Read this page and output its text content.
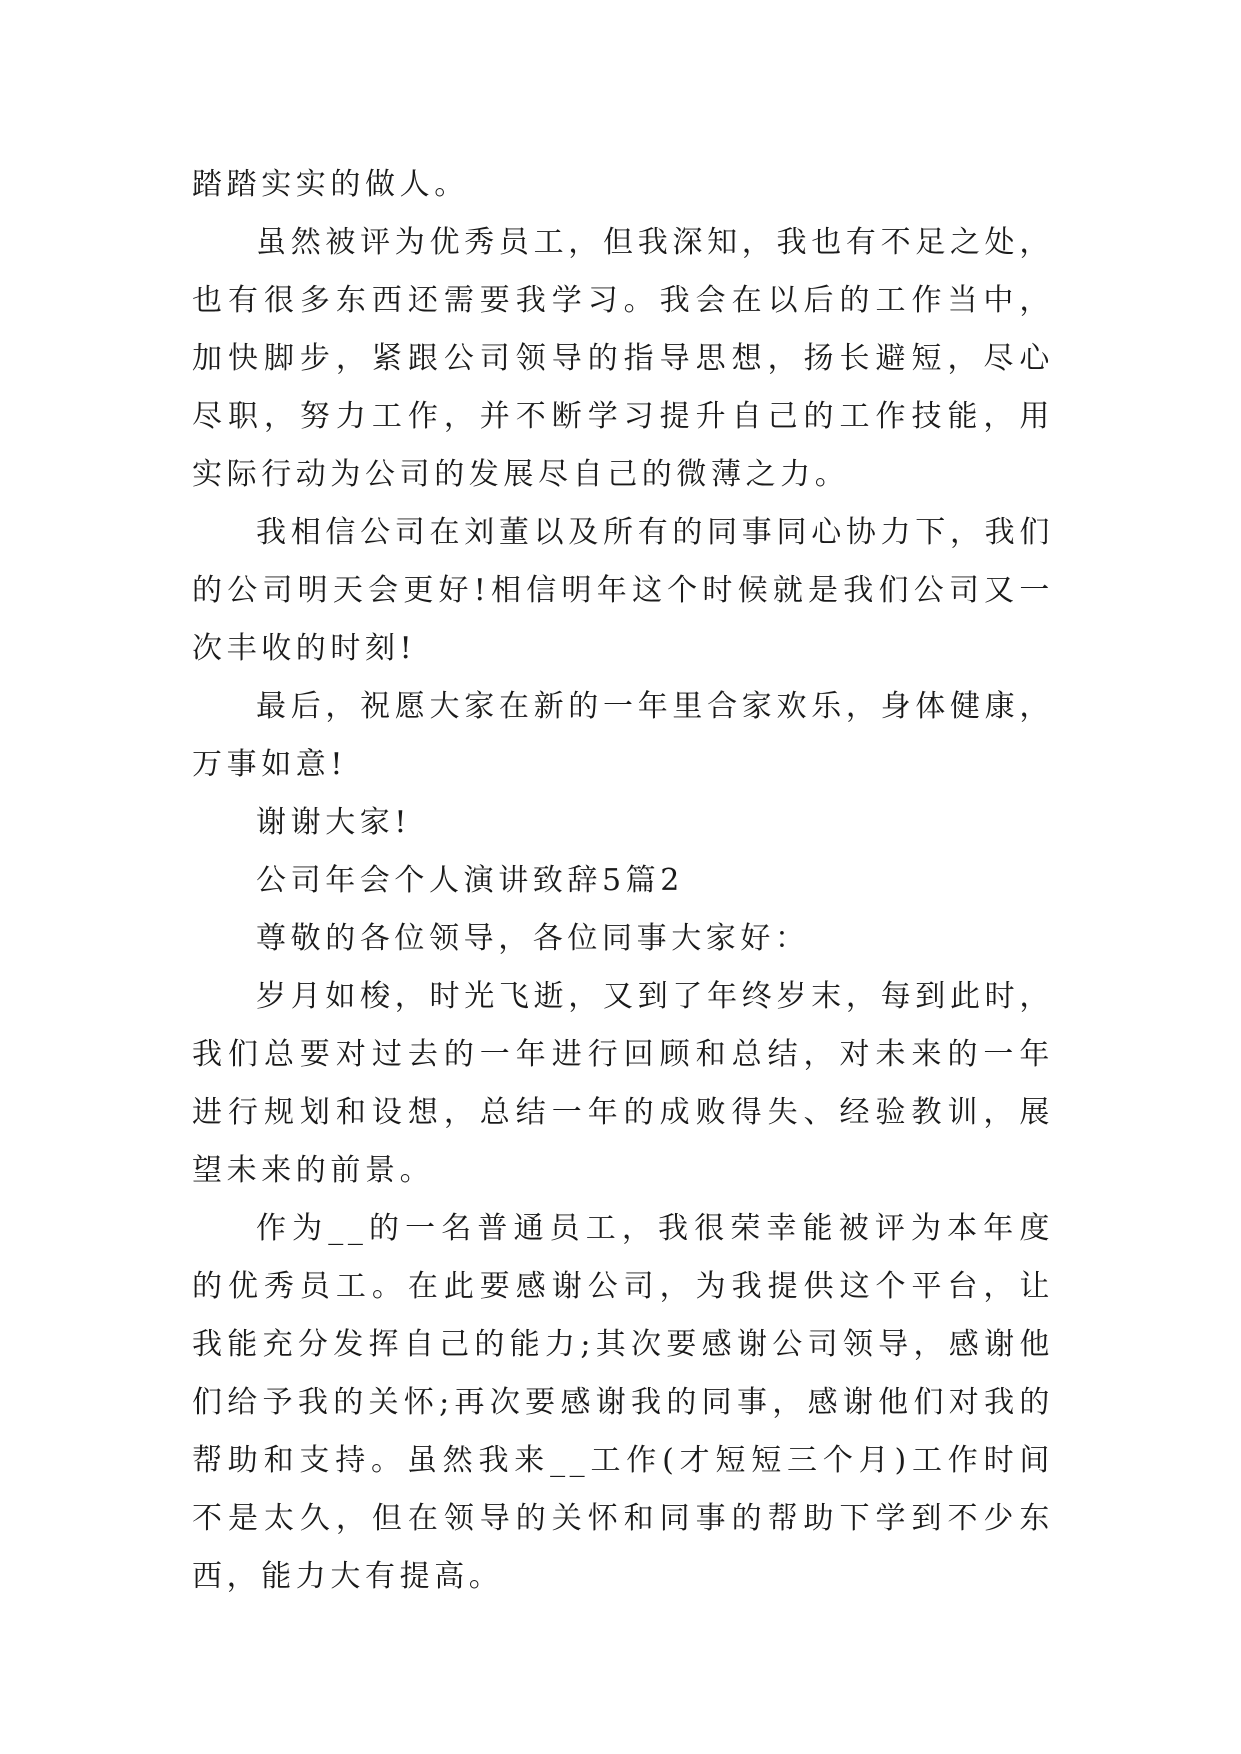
踏踏实实的做人。

虽然被评为优秀员工，但我深知，我也有不足之处，也有很多东西还需要我学习。我会在以后的工作当中，加快脚步，紧跟公司领导的指导思想，扬长避短，尽心尽职，努力工作，并不断学习提升自己的工作技能，用实际行动为公司的发展尽自己的微薄之力。

我相信公司在刘董以及所有的同事同心协力下，我们的公司明天会更好!相信明年这个时候就是我们公司又一次丰收的时刻!

最后，祝愿大家在新的一年里合家欢乐，身体健康，万事如意!

谢谢大家!

公司年会个人演讲致辞5篇2

尊敬的各位领导，各位同事大家好：

岁月如梭，时光飞逝，又到了年终岁末，每到此时，我们总要对过去的一年进行回顾和总结，对未来的一年进行规划和设想，总结一年的成败得失、经验教训，展望未来的前景。

作为__的一名普通员工，我很荣幸能被评为本年度的优秀员工。在此要感谢公司，为我提供这个平台，让我能充分发挥自己的能力;其次要感谢公司领导，感谢他们给予我的关怀;再次要感谢我的同事，感谢他们对我的帮助和支持。虽然我来__工作(才短短三个月)工作时间不是太久，但在领导的关怀和同事的帮助下学到不少东西，能力大有提高。
